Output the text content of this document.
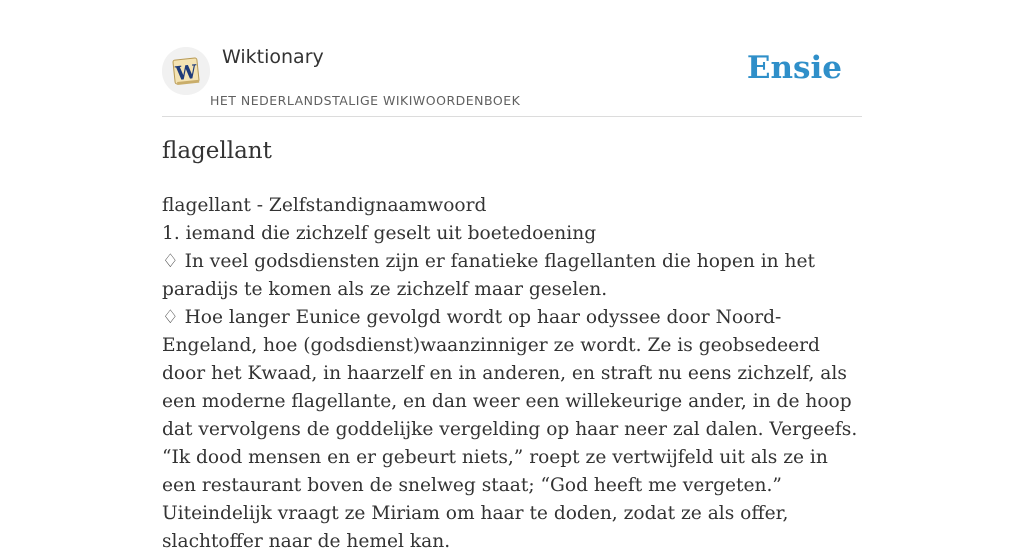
W
Wiktionary
HET NEDERLANDSTALIGE WIKIWOORDENBOEK
Ensie
flagellant
flagellant - Zelfstandignaamwoord
1. iemand die zichzelf geselt uit boetedoening
♢ In veel godsdiensten zijn er fanatieke flagellanten die hopen in het paradijs te komen als ze zichzelf maar geselen.
♢ Hoe langer Eunice gevolgd wordt op haar odyssee door Noord-Engeland, hoe (godsdienst)waanzinniger ze wordt. Ze is geobsedeerd door het Kwaad, in haarzelf en in anderen, en straft nu eens zichzelf, als een moderne flagellante, en dan weer een willekeurige ander, in de hoop dat vervolgens de goddelijke vergelding op haar neer zal dalen. Vergeefs. “Ik dood mensen en er gebeurt niets,” roept ze vertwijfeld uit als ze in een restaurant boven de snelweg staat; “God heeft me vergeten.” Uiteindelijk vraagt ze Miriam om haar te doden, zodat ze als offer, slachtoffer naar de hemel kan.
